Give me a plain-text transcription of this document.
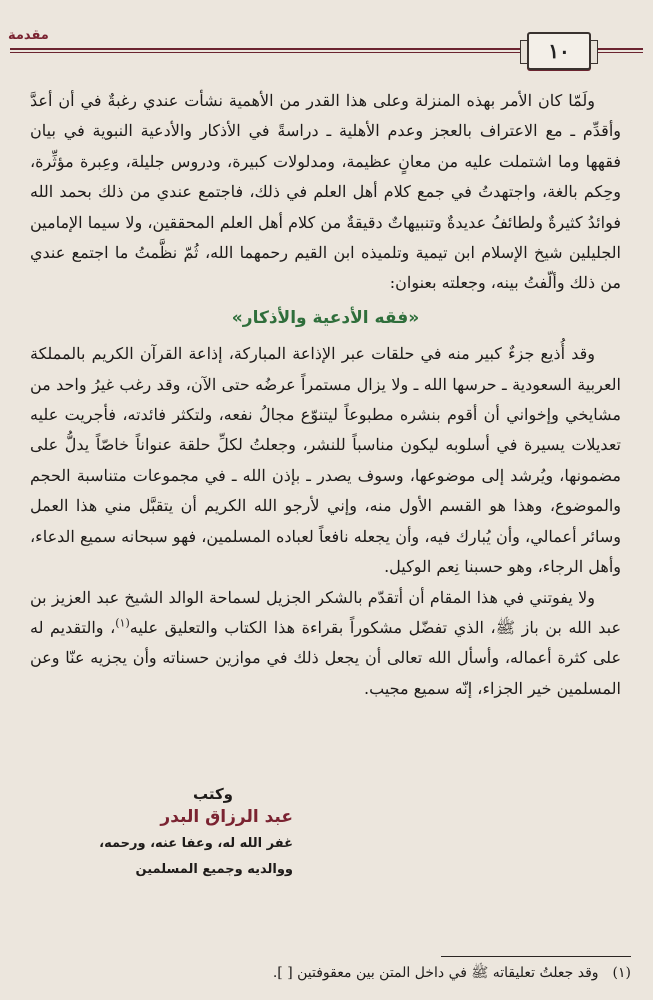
مقدمة
١٠

ولَمّا كان الأمر بهذه المنزلة وعلى هذا القدر من الأهمية نشأت عندي رغبةٌ في أن أعدَّ وأقدِّم ـ مع الاعتراف بالعجز وعدم الأهلية ـ دراسةً في الأذكار والأدعية النبوية في بيان فقهها وما اشتملت عليه من معانٍ عظيمة، ومدلولات كبيرة، ودروس جليلة، وعِبرة مؤثِّرة، وحِكم بالغة، واجتهدتُ في جمع كلام أهل العلم في ذلك، فاجتمع عندي من ذلك بحمد الله فوائدُ كثيرةٌ ولطائفُ عديدةٌ وتنبيهاتٌ دقيقةٌ من كلام أهل العلم المحققين، ولا سيما الإمامين الجليلين شيخ الإسلام ابن تيمية وتلميذه ابن القيم رحمهما الله، ثُمّ نظَّمتُ ما اجتمع عندي من ذلك وألّفتُ بينه، وجعلته بعنوان:

«فقه الأدعية والأذكار»

وقد أُذيع جزءٌ كبير منه في حلقات عبر الإذاعة المباركة، إذاعة القرآن الكريم بالمملكة العربية السعودية ـ حرسها الله ـ ولا يزال مستمراً عرضُه حتى الآن، وقد رغب غيرُ واحد من مشايخي وإخواني أن أقوم بنشره مطبوعاً ليتنوّع مجالُ نفعه، ولتكثر فائدته، فأجريت عليه تعديلات يسيرة في أسلوبه ليكون مناسباً للنشر، وجعلتُ لكلِّ حلقة عنواناً خاصّاً يدلُّ على مضمونها، ويُرشد إلى موضوعها، وسوف يصدر ـ بإذن الله ـ في مجموعات متناسبة الحجم والموضوع، وهذا هو القسم الأول منه، وإني لأرجو الله الكريم أن يتقبَّل مني هذا العمل وسائر أعمالي، وأن يُبارك فيه، وأن يجعله نافعاً لعباده المسلمين، فهو سبحانه سميع الدعاء، وأهل الرجاء، وهو حسبنا نِعم الوكيل.

ولا يفوتني في هذا المقام أن أتقدّم بالشكر الجزيل لسماحة الوالد الشيخ عبد العزيز بن عبد الله بن باز ﷺ، الذي تفضّل مشكوراً بقراءة هذا الكتاب والتعليق عليه$^{(١)}$، والتقديم له على كثرة أعماله، وأسأل الله تعالى أن يجعل ذلك في موازين حسناته وأن يجزيه عنّا وعن المسلمين خير الجزاء، إنّه سميع مجيب.

وكتب

عبد الرزاق البدر

غفر الله له، وعفا عنه، ورحمه،

ووالديه وجميع المسلمين

(١)وقد جعلتُ تعليقاته ﷺ في داخل المتن بين معقوفتين [ ].
